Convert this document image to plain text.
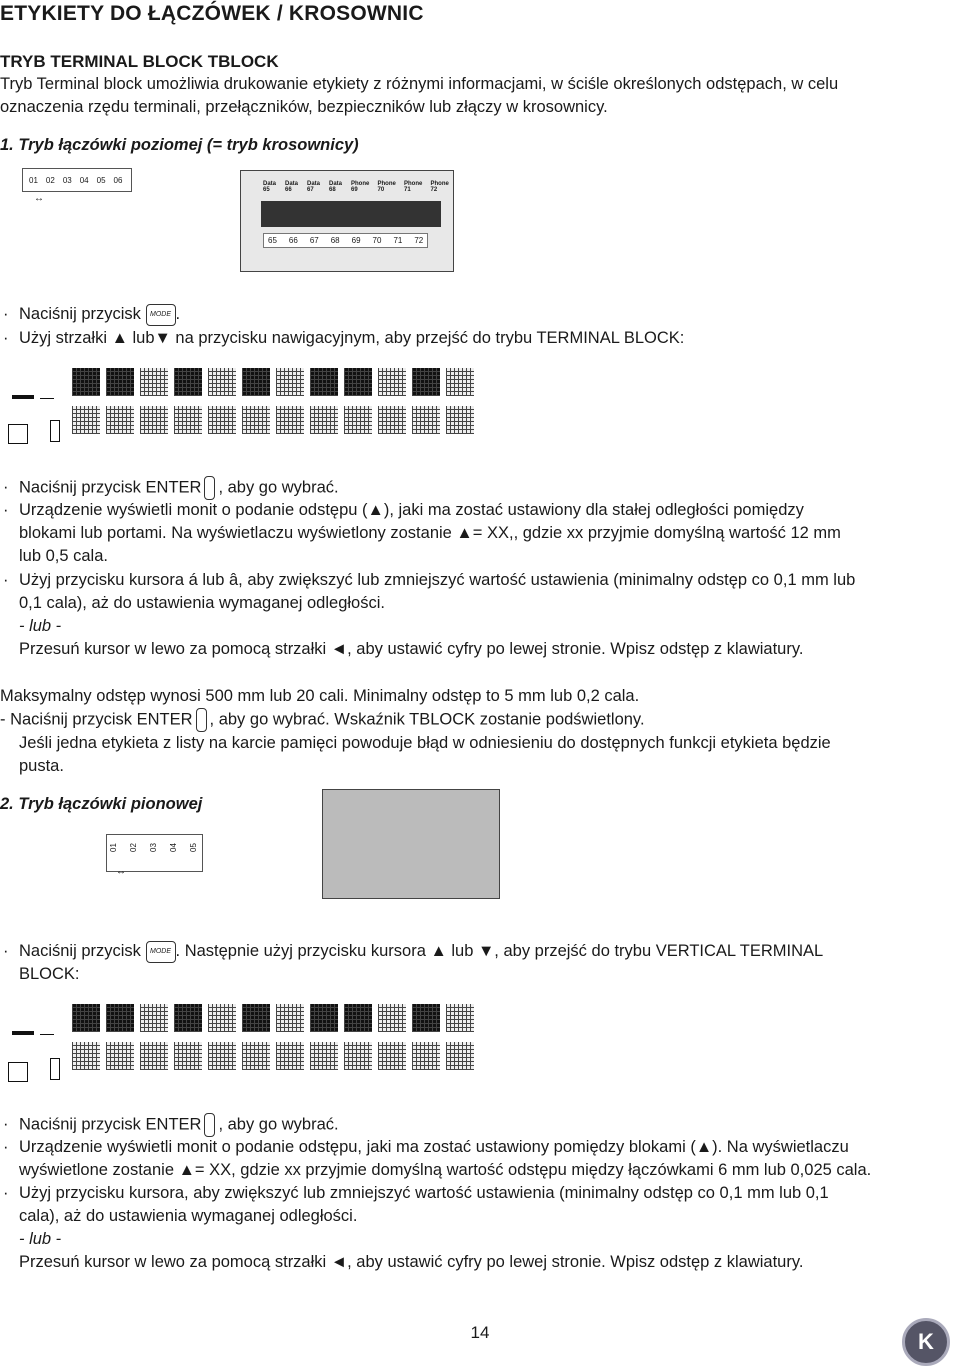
ETYKIETY DO ŁĄCZÓWEK / KROSOWNIC
TRYB TERMINAL BLOCK TBLOCK
Tryb Terminal block umożliwia drukowanie etykiety z różnymi informacjami, w ściśle określonych odstępach, w celu
oznaczenia rzędu terminali, przełączników, bezpieczników lub złączy w krosownicy.
1. Tryb łączówki poziomej (= tryb krosownicy)
01 02 03 04 05 06
↔
Data 65
Data 66
Data 67
Data 68
Phone 69
Phone 70
Phone 71
Phone 72
65 66 67 68 69 70 71 72
· Naciśnij przycisk MODE .
· Użyj strzałki ▲ lub▼ na przycisku nawigacyjnym, aby przejść do trybu TERMINAL BLOCK:
· Naciśnij przycisk ENTER , aby go wybrać.
· Urządzenie wyświetli monit o podanie odstępu (▲), jaki ma zostać ustawiony dla stałej odległości pomiędzy
blokami lub portami. Na wyświetlaczu wyświetlony zostanie ▲= XX,, gdzie xx przyjmie domyślną wartość 12 mm
lub 0,5 cala.
· Użyj przycisku kursora á lub â, aby zwiększyć lub zmniejszyć wartość ustawienia (minimalny odstęp co 0,1 mm lub
0,1 cala), aż do ustawienia wymaganej odległości.
- lub -
Przesuń kursor w lewo za pomocą strzałki ◄, aby ustawić cyfry po lewej stronie. Wpisz odstęp z klawiatury.
Maksymalny odstęp wynosi 500 mm lub 20 cali. Minimalny odstęp to 5 mm lub 0,2 cala.
- Naciśnij przycisk ENTER , aby go wybrać. Wskaźnik TBLOCK zostanie podświetlony.
Jeśli jedna etykieta z listy na karcie pamięci powoduje błąd w odniesieniu do dostępnych funkcji etykieta będzie
pusta.
2. Tryb łączówki pionowej
01 02 03 04 05
↔
· Naciśnij przycisk MODE . Następnie użyj przycisku kursora ▲ lub ▼, aby przejść do trybu VERTICAL TERMINAL
BLOCK:
· Naciśnij przycisk ENTER , aby go wybrać.
· Urządzenie wyświetli monit o podanie odstępu, jaki ma zostać ustawiony pomiędzy blokami (▲). Na wyświetlaczu
wyświetlone zostanie ▲= XX, gdzie xx przyjmie domyślną wartość odstępu między łączówkami 6 mm lub 0,025 cala.
· Użyj przycisku kursora, aby zwiększyć lub zmniejszyć wartość ustawienia (minimalny odstęp co 0,1 mm lub 0,1
cala), aż do ustawienia wymaganej odległości.
- lub -
Przesuń kursor w lewo za pomocą strzałki ◄, aby ustawić cyfry po lewej stronie. Wpisz odstęp z klawiatury.
14	K
